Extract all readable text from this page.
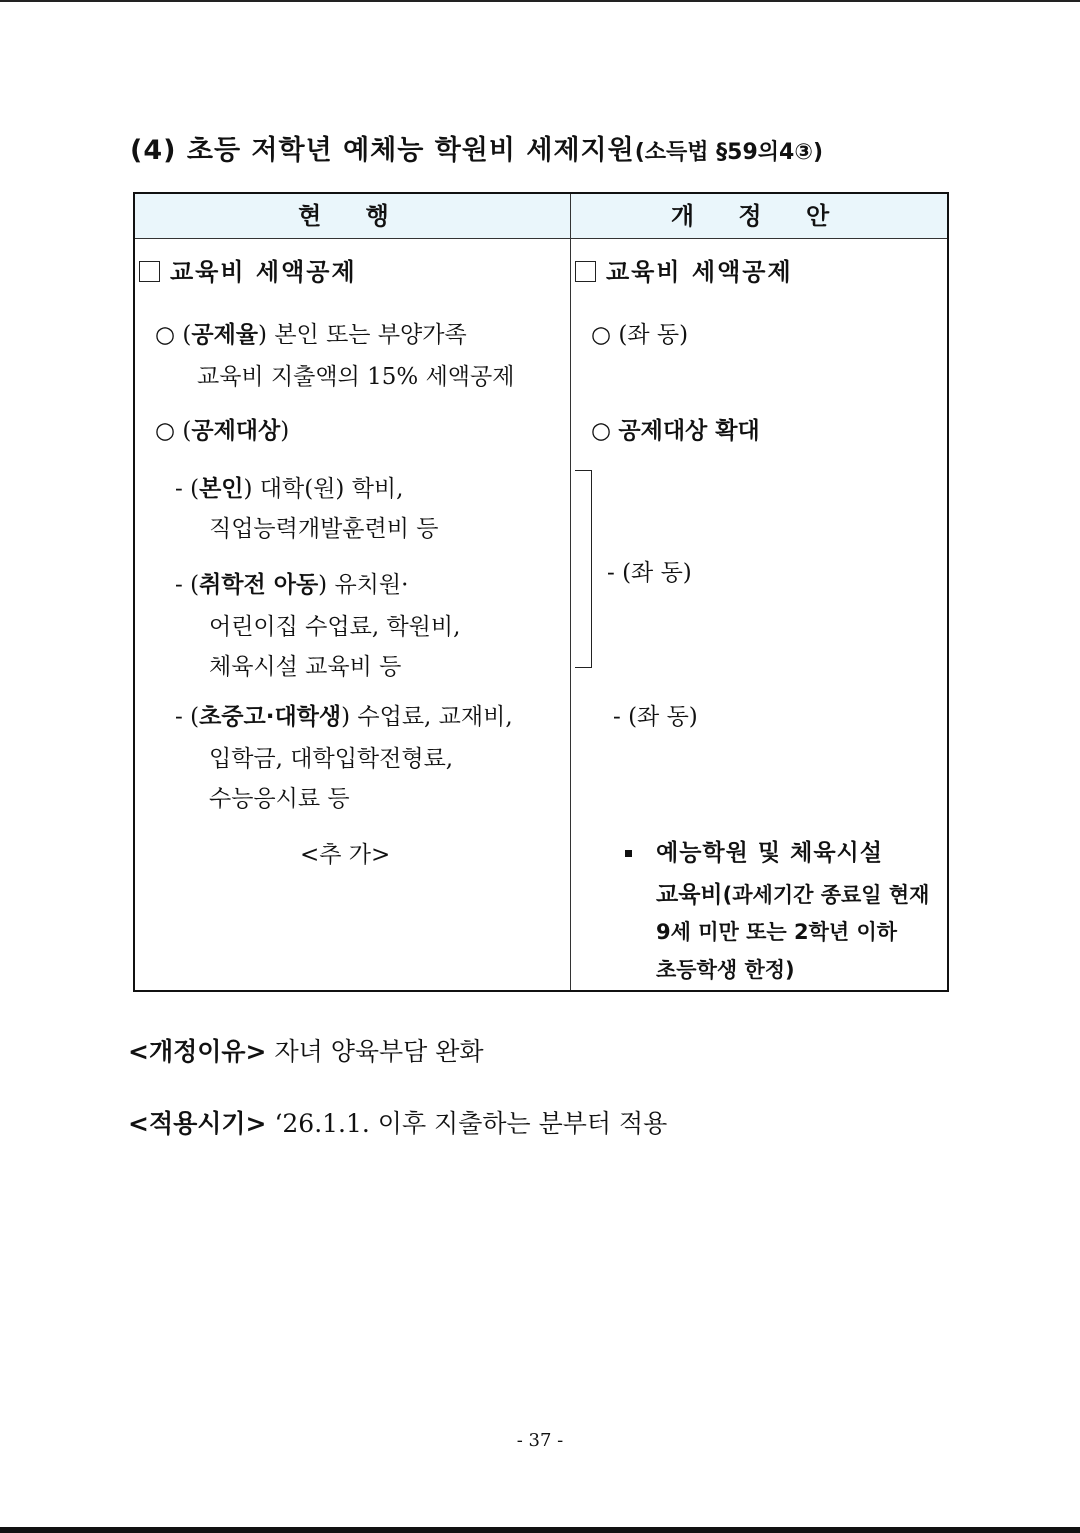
(4) 초등 저학년 예체능 학원비 세제지원(소득법 §59의4③)
현 행	개 정 안
교육비 세액공제
○ (공제율) 본인 또는 부양가족
교육비 지출액의 15% 세액공제
○ (공제대상)
- (본인) 대학(원) 학비,
직업능력개발훈련비 등
- (취학전 아동) 유치원·
어린이집 수업료, 학원비,
체육시설 교육비 등
- (초중고·대학생) 수업료, 교재비,
입학금, 대학입학전형료,
수능응시료 등
<추 가>
교육비 세액공제
○ (좌 동)
○ 공제대상 확대
- (좌 동)
- (좌 동)
예능학원 및 체육시설
교육비(과세기간 종료일 현재
9세 미만 또는 2학년 이하
초등학생 한정)
<개정이유> 자녀 양육부담 완화
<적용시기> ‘26.1.1. 이후 지출하는 분부터 적용
- 37 -
